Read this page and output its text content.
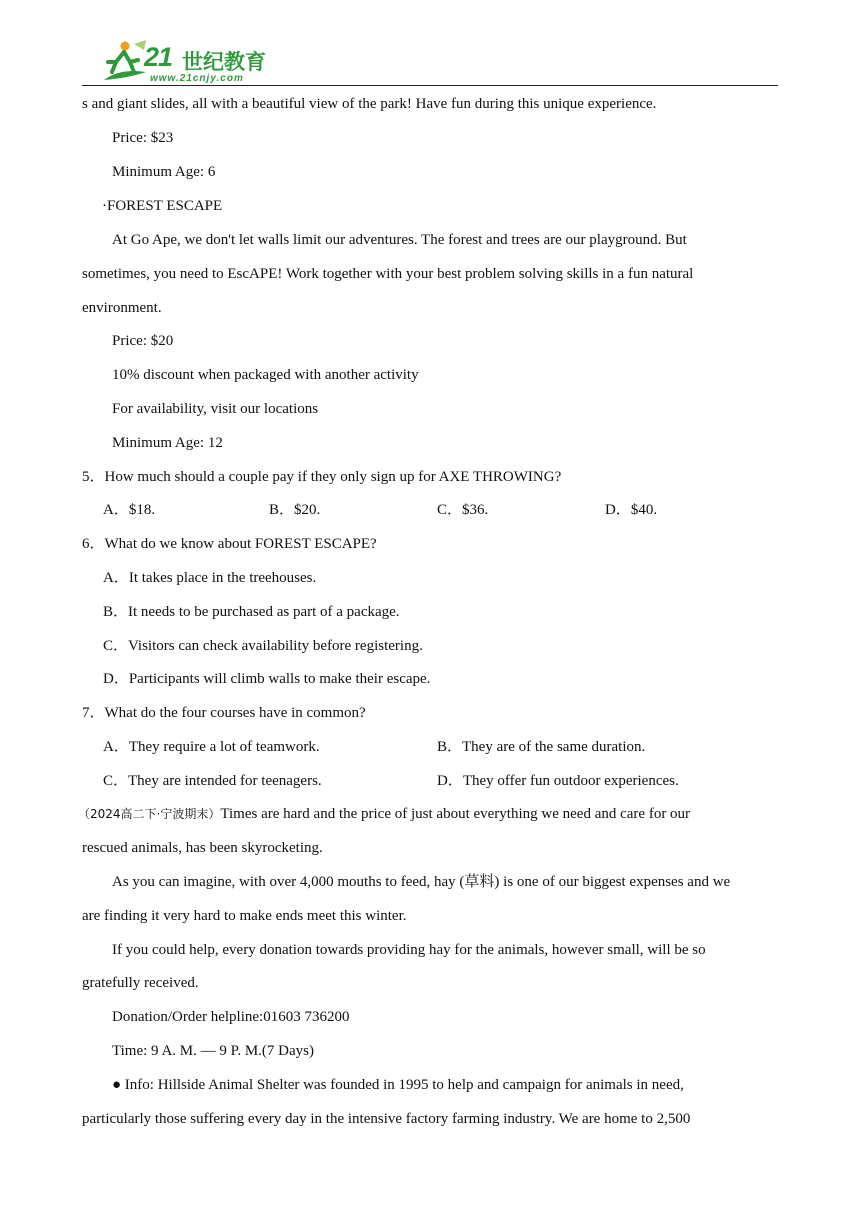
21 世纪教育
www.21cnjy.com
s and giant slides, all with a beautiful view of the park! Have fun during this unique experience.
Price: $23
Minimum Age: 6
·FOREST ESCAPE
At Go Ape, we don't let walls limit our adventures. The forest and trees are our playground. But
sometimes, you need to EscAPE! Work together with your best problem solving skills in a fun natural
environment.
Price: $20
10% discount when packaged with another activity
For availability, visit our locations
Minimum Age: 12
5．How much should a couple pay if they only sign up for AXE THROWING?
A．$18.	B．$20.	C．$36.	D．$40.
6．What do we know about FOREST ESCAPE?
A．It takes place in the treehouses.
B．It needs to be purchased as part of a package.
C．Visitors can check availability before registering.
D．Participants will climb walls to make their escape.
7．What do the four courses have in common?
A．They require a lot of teamwork.	B．They are of the same duration.
C．They are intended for teenagers.	D．They offer fun outdoor experiences.
（2024高二下·宁波期末）Times are hard and the price of just about everything we need and care for our
rescued animals, has been skyrocketing.
As you can imagine, with over 4,000 mouths to feed, hay (草料) is one of our biggest expenses and we
are finding it very hard to make ends meet this winter.
If you could help, every donation towards providing hay for the animals, however small, will be so
gratefully received.
Donation/Order helpline:01603 736200
Time: 9 A. M. — 9 P. M.(7 Days)
● Info: Hillside Animal Shelter was founded in 1995 to help and campaign for animals in need,
particularly those suffering every day in the intensive factory farming industry. We are home to 2,500
